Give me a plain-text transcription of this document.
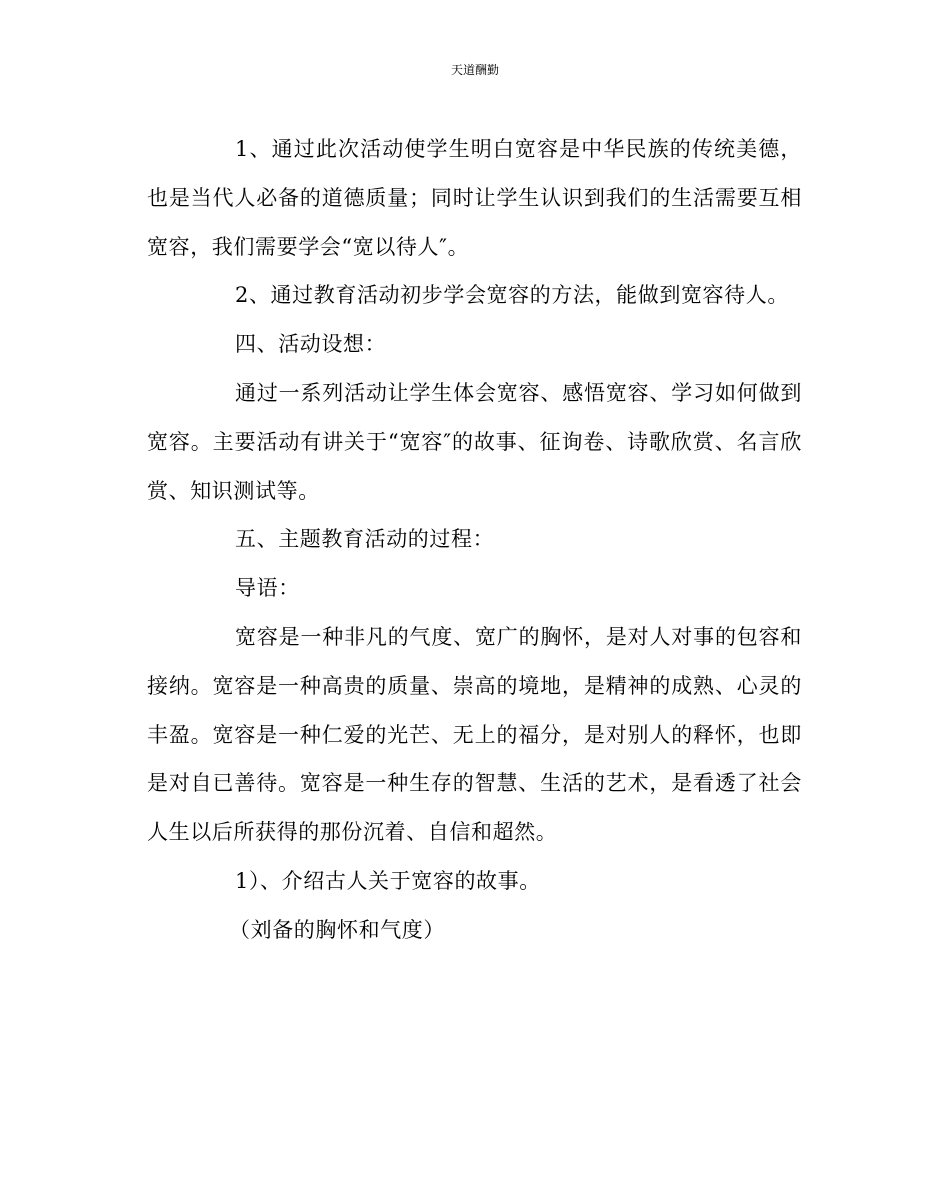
天道酬勤

1、通过此次活动使学生明白宽容是中华民族的传统美德，也是当代人必备的道德质量；同时让学生认识到我们的生活需要互相宽容，我们需要学会“宽以待人″。

2、通过教育活动初步学会宽容的方法，能做到宽容待人。

四、活动设想：

通过一系列活动让学生体会宽容、感悟宽容、学习如何做到宽容。主要活动有讲关于“宽容″的故事、征询卷、诗歌欣赏、名言欣赏、知识测试等。

五、主题教育活动的过程：

导语：

宽容是一种非凡的气度、宽广的胸怀，是对人对事的包容和接纳。宽容是一种高贵的质量、崇高的境地，是精神的成熟、心灵的丰盈。宽容是一种仁爱的光芒、无上的福分，是对别人的释怀，也即是对自已善待。宽容是一种生存的智慧、生活的艺术，是看透了社会人生以后所获得的那份沉着、自信和超然。

1）、介绍古人关于宽容的故事。

（刘备的胸怀和气度）
